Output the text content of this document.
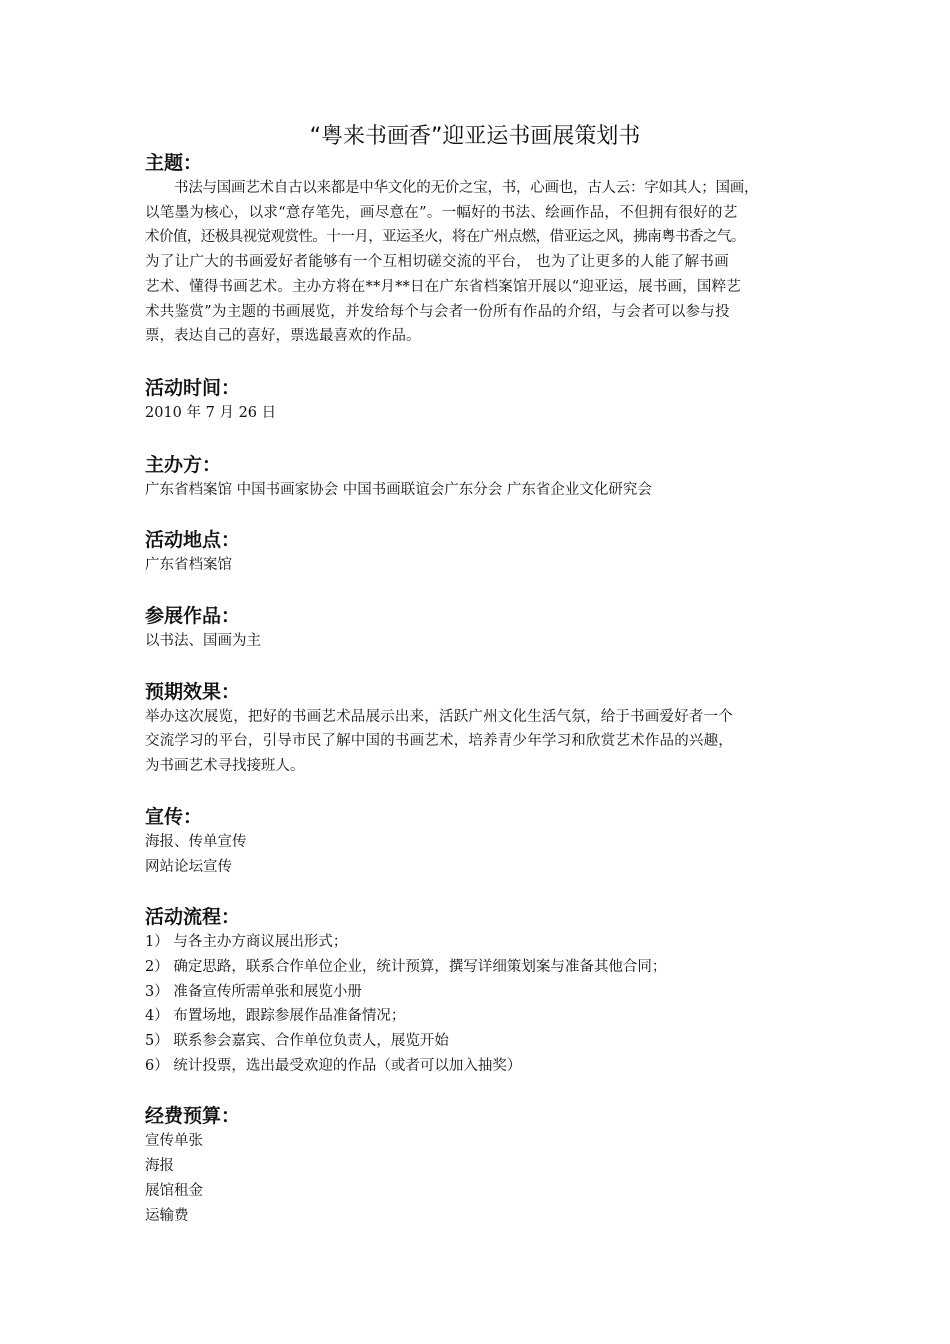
“粤来书画香”迎亚运书画展策划书
主题：
书法与国画艺术自古以来都是中华文化的无价之宝，书，心画也，古人云：字如其人；国画，
以笔墨为核心，以求“意存笔先，画尽意在”。一幅好的书法、绘画作品，不但拥有很好的艺
术价值，还极具视觉观赏性。十一月，亚运圣火，将在广州点燃，借亚运之风，拂南粤书香之气。
为了让广大的书画爱好者能够有一个互相切磋交流的平台， 也为了让更多的人能了解书画
艺术、懂得书画艺术。主办方将在**月**日在广东省档案馆开展以“迎亚运，展书画，国粹艺
术共鉴赏”为主题的书画展览，并发给每个与会者一份所有作品的介绍，与会者可以参与投
票，表达自己的喜好，票选最喜欢的作品。
活动时间：
2010 年 7 月 26 日
主办方：
广东省档案馆 中国书画家协会 中国书画联谊会广东分会 广东省企业文化研究会
活动地点：
广东省档案馆
参展作品：
以书法、国画为主
预期效果：
举办这次展览，把好的书画艺术品展示出来，活跃广州文化生活气氛，给于书画爱好者一个
交流学习的平台，引导市民了解中国的书画艺术，培养青少年学习和欣赏艺术作品的兴趣，
为书画艺术寻找接班人。
宣传：
海报、传单宣传
网站论坛宣传
活动流程：
1） 与各主办方商议展出形式；
2） 确定思路，联系合作单位企业，统计预算，撰写详细策划案与准备其他合同；
3） 准备宣传所需单张和展览小册
4） 布置场地，跟踪参展作品准备情况；
5） 联系参会嘉宾、合作单位负责人，展览开始
6） 统计投票，选出最受欢迎的作品（或者可以加入抽奖）
经费预算：
宣传单张
海报
展馆租金
运输费
